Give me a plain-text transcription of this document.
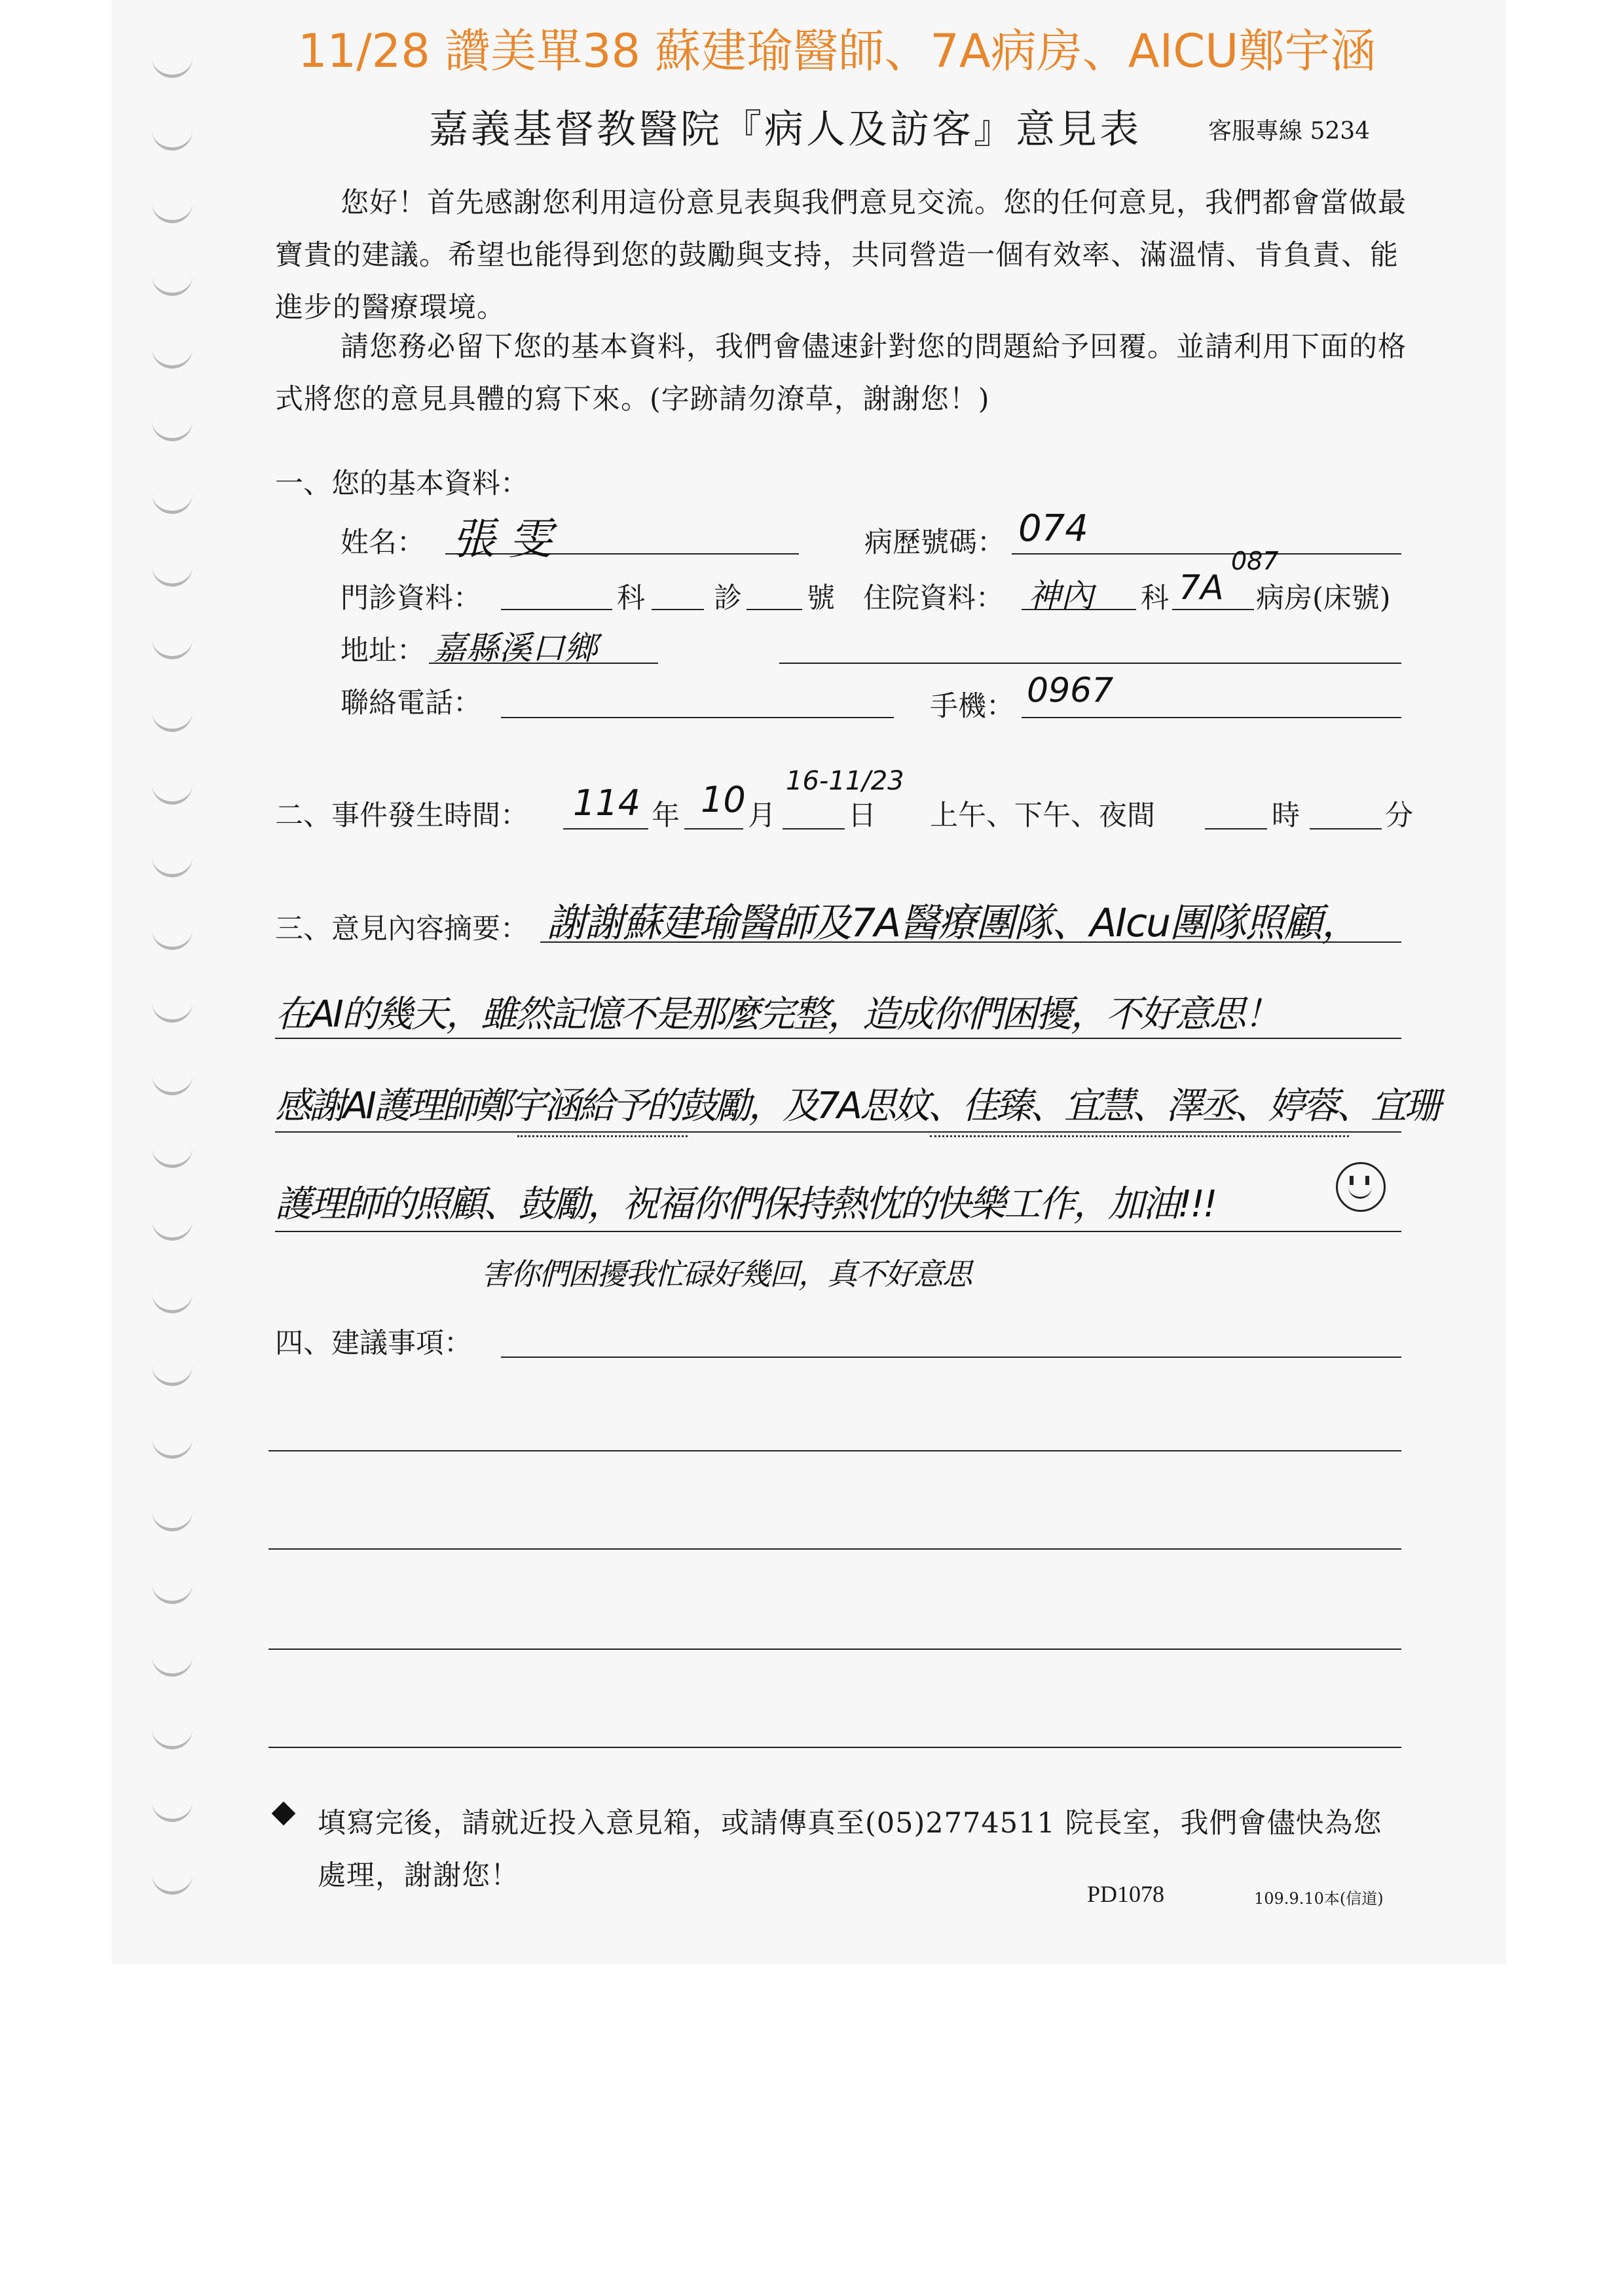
11/28 讚美單38 蘇建瑜醫師、7A病房、AICU鄭宇涵
嘉義基督教醫院『病人及訪客』意見表	客服專線 5234
您好！首先感謝您利用這份意見表與我們意見交流。您的任何意見，我們都會當做最寶貴的建議。希望也能得到您的鼓勵與支持，共同營造一個有效率、滿溫情、肯負責、能進步的醫療環境。
請您務必留下您的基本資料，我們會儘速針對您的問題給予回覆。並請利用下面的格式將您的意見具體的寫下來。(字跡請勿潦草，謝謝您！)
一、您的基本資料：
姓名： 張 雯	病歷號碼： 074
門診資料：	科 診 號 住院資料： 神內 科 7A
087
病房(床號)
地址： 嘉縣溪口鄉
聯絡電話：	手機： 0967
二、事件發生時間： 114 年 10 月
16-11/23
日 上午、下午、夜間	時	分
三、意見內容摘要： 謝謝蘇建瑜醫師及7A醫療團隊、AIcu團隊照顧，
在AI的幾天，雖然記憶不是那麼完整，造成你們困擾，不好意思！
感謝AI護理師鄭宇涵給予的鼓勵，及7A思妏、佳臻、宜慧、澤丞、婷蓉、宜珊
護理師的照顧、鼓勵，祝福你們保持熱忱的快樂工作，加油!!!
害你們困擾我忙碌好幾回，真不好意思
四、建議事項：
填寫完後，請就近投入意見箱，或請傳真至(05)2774511 院長室，我們會儘快為您處理，謝謝您！
PD1078	109.9.10本(信道)
